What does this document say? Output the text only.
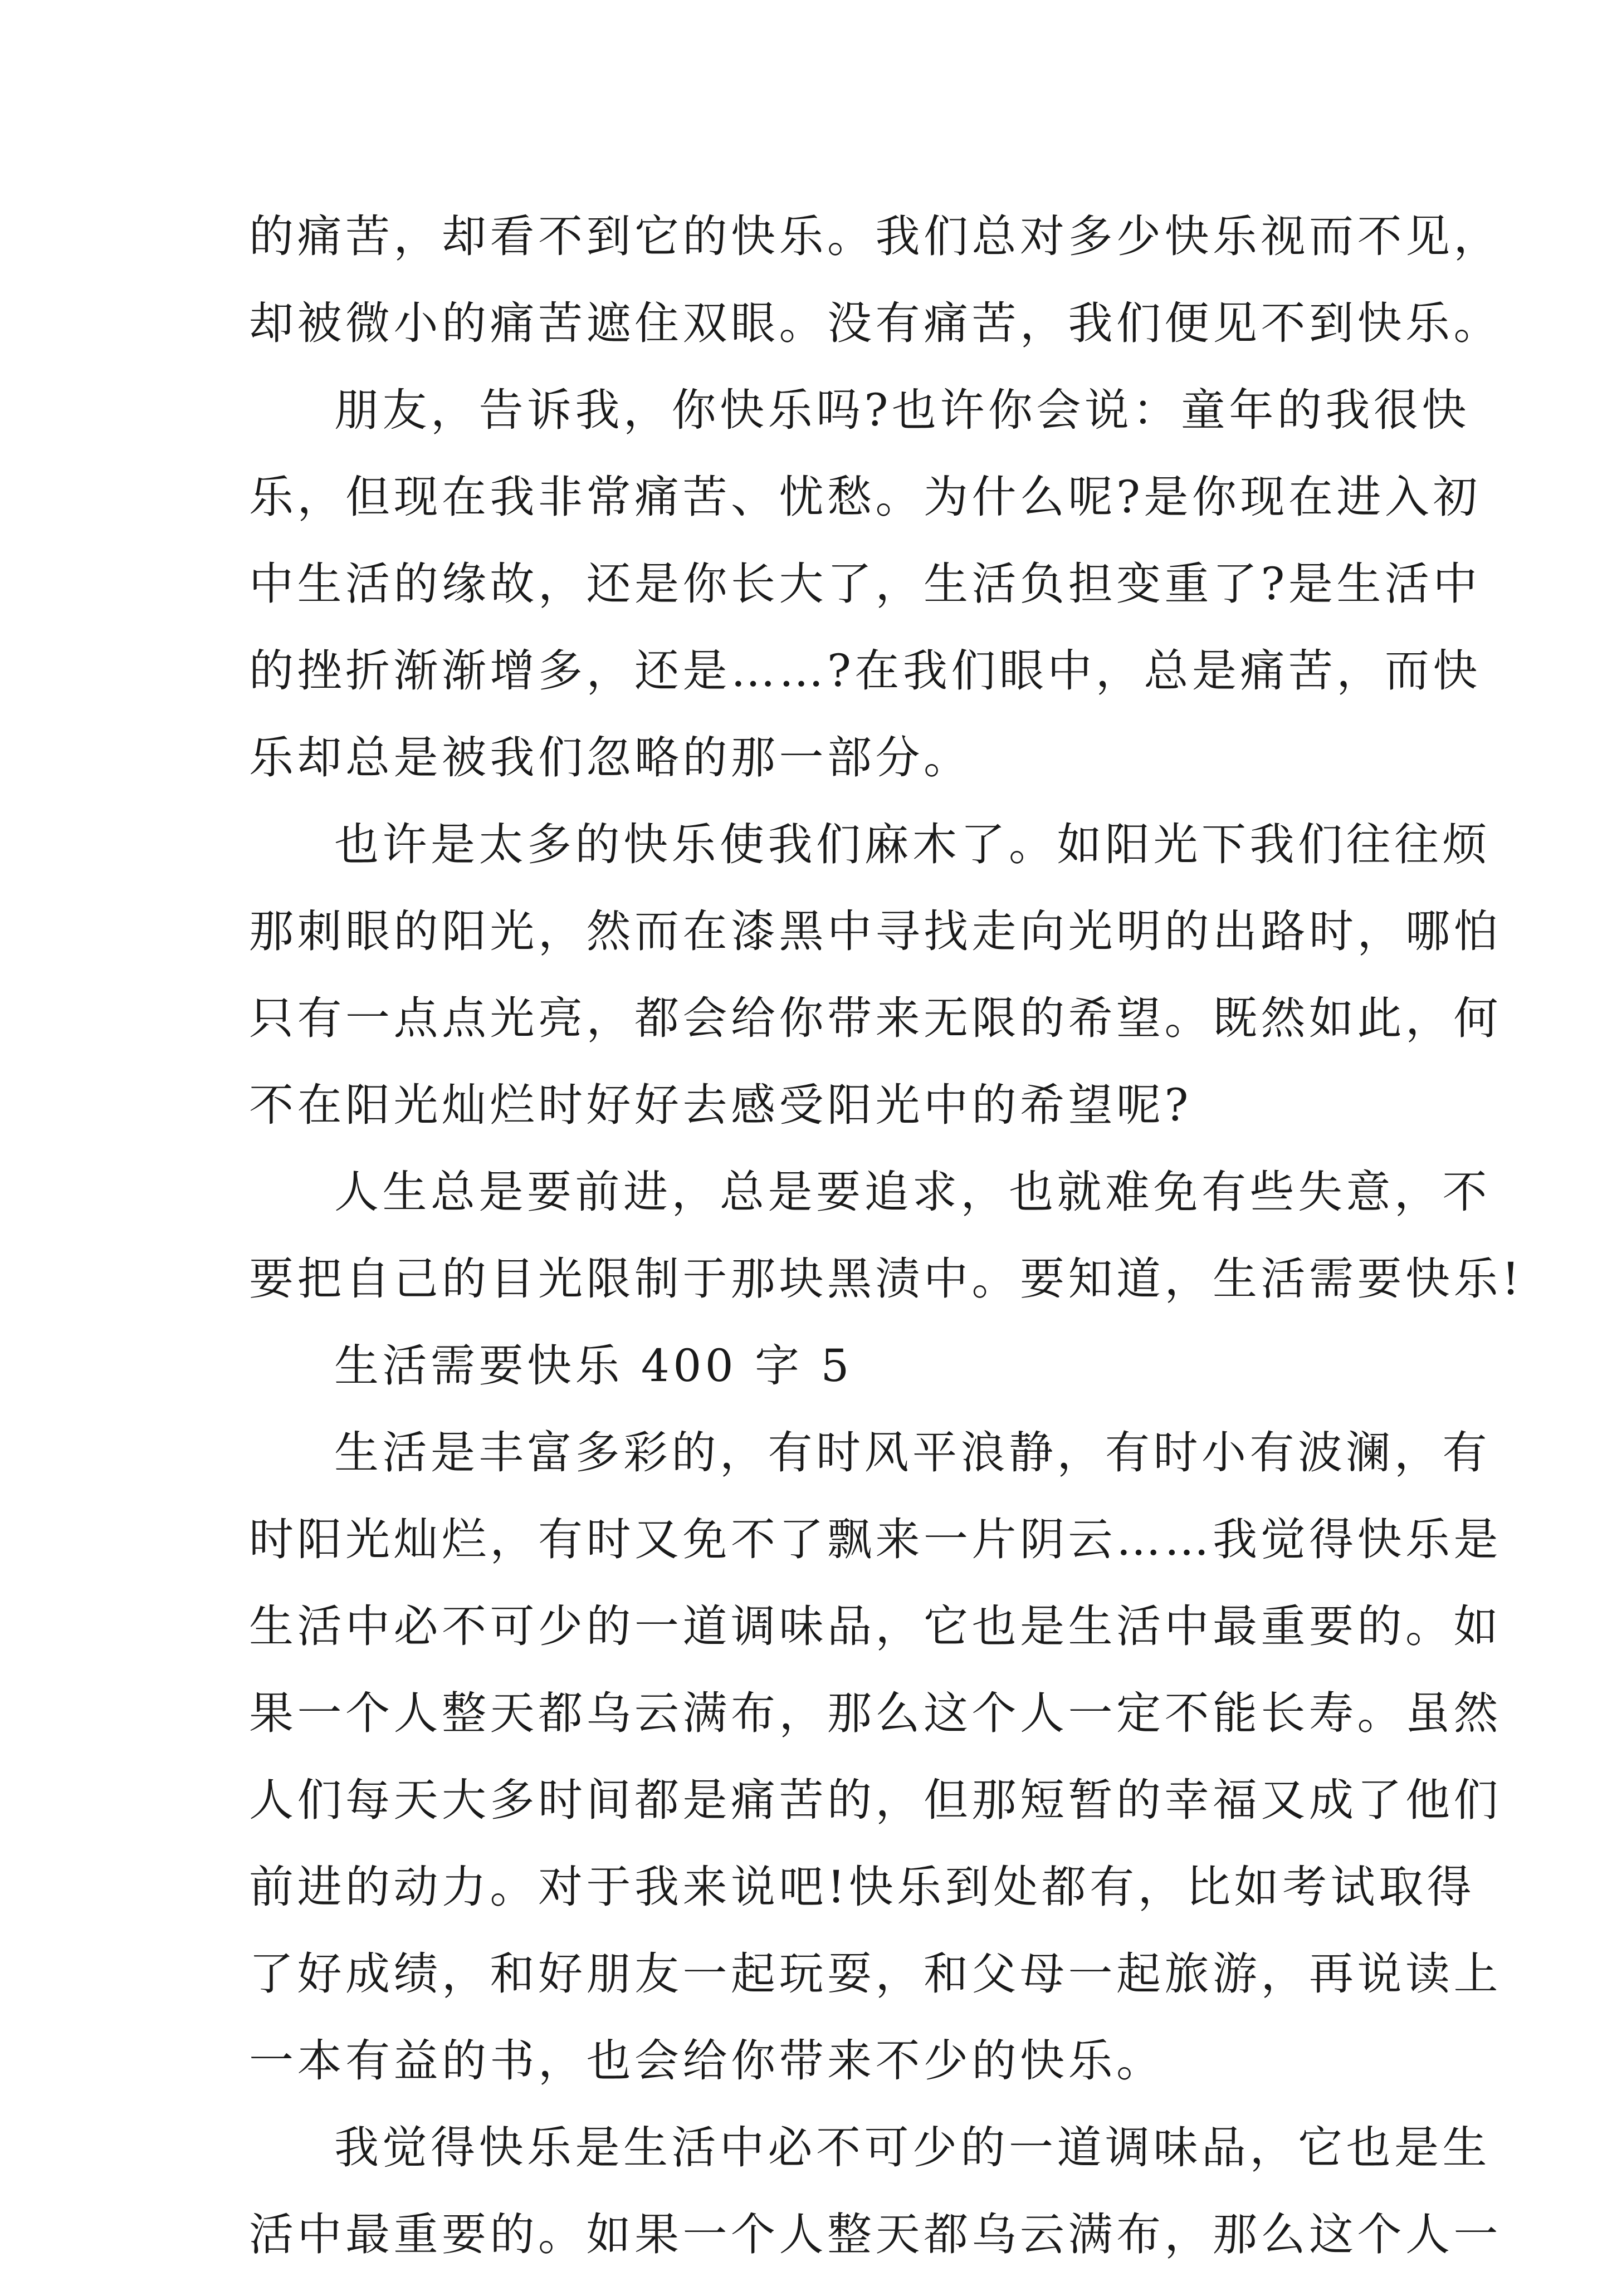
的痛苦，却看不到它的快乐。我们总对多少快乐视而不见，
却被微小的痛苦遮住双眼。没有痛苦，我们便见不到快乐。
朋友，告诉我，你快乐吗?也许你会说：童年的我很快
乐，但现在我非常痛苦、忧愁。为什么呢?是你现在进入初
中生活的缘故，还是你长大了，生活负担变重了?是生活中
的挫折渐渐增多，还是……?在我们眼中，总是痛苦，而快
乐却总是被我们忽略的那一部分。
也许是太多的快乐使我们麻木了。如阳光下我们往往烦
那刺眼的阳光，然而在漆黑中寻找走向光明的出路时，哪怕
只有一点点光亮，都会给你带来无限的希望。既然如此，何
不在阳光灿烂时好好去感受阳光中的希望呢?
人生总是要前进，总是要追求，也就难免有些失意，不
要把自己的目光限制于那块黑渍中。要知道，生活需要快乐!
生活需要快乐 400 字 5
生活是丰富多彩的，有时风平浪静，有时小有波澜，有
时阳光灿烂，有时又免不了飘来一片阴云……我觉得快乐是
生活中必不可少的一道调味品，它也是生活中最重要的。如
果一个人整天都乌云满布，那么这个人一定不能长寿。虽然
人们每天大多时间都是痛苦的，但那短暂的幸福又成了他们
前进的动力。对于我来说吧!快乐到处都有，比如考试取得
了好成绩，和好朋友一起玩耍，和父母一起旅游，再说读上
一本有益的书，也会给你带来不少的快乐。
我觉得快乐是生活中必不可少的一道调味品，它也是生
活中最重要的。如果一个人整天都乌云满布，那么这个人一
